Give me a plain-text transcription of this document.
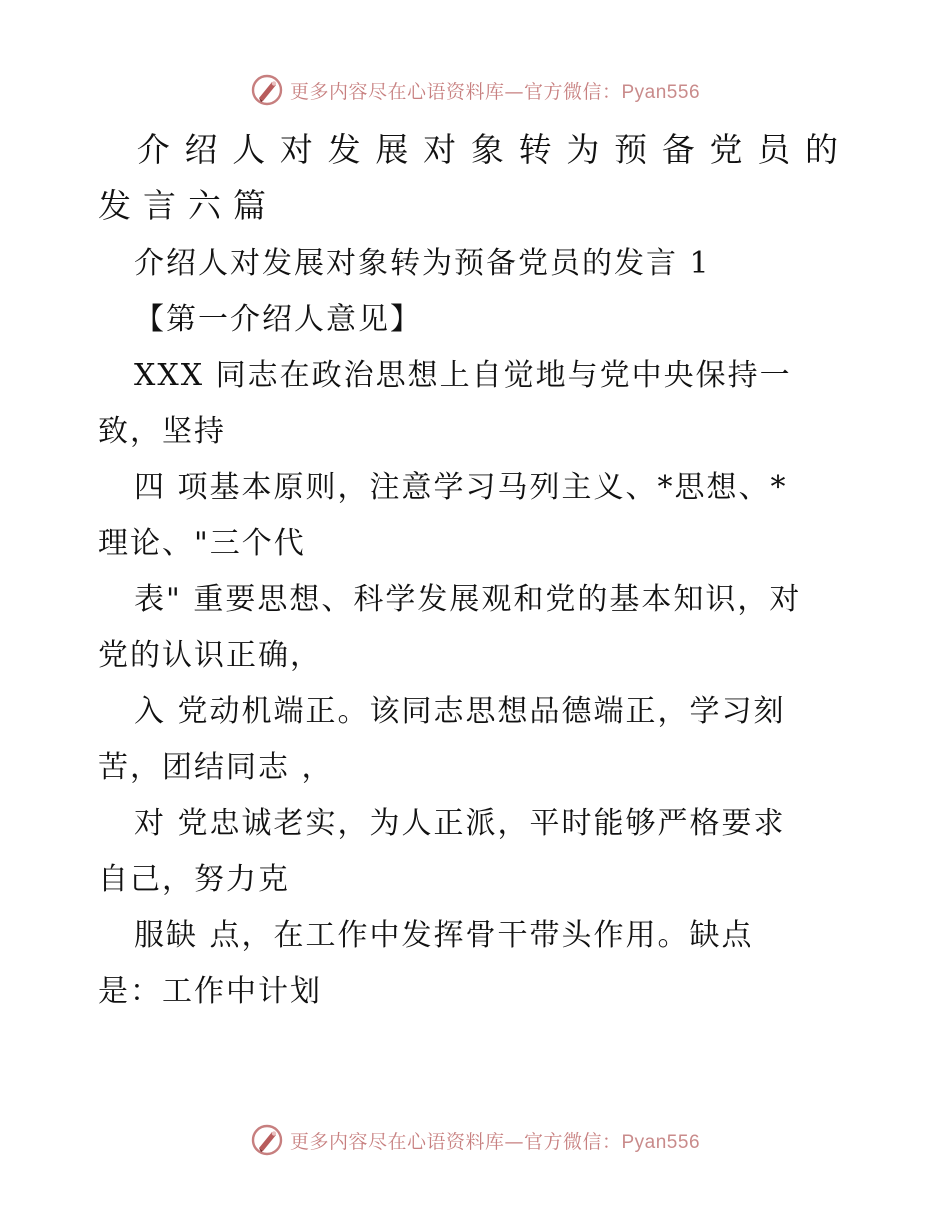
更多内容尽在心语资料库—官方微信：Pyan556
介绍人对发展对象转为预备党员的发言六篇

介绍人对发展对象转为预备党员的发言 1

【第一介绍人意见】

XXX 同志在政治思想上自觉地与党中央保持一

致，坚持

四 项基本原则，注意学习马列主义、*思想、*

理论、"三个代

表" 重要思想、科学发展观和党的基本知识，对

党的认识正确，

入 党动机端正。该同志思想品德端正，学习刻

苦，团结同志 ，

对 党忠诚老实，为人正派，平时能够严格要求

自己，努力克

服缺 点，在工作中发挥骨干带头作用。缺点

是：工作中计划

更多内容尽在心语资料库—官方微信：Pyan556
